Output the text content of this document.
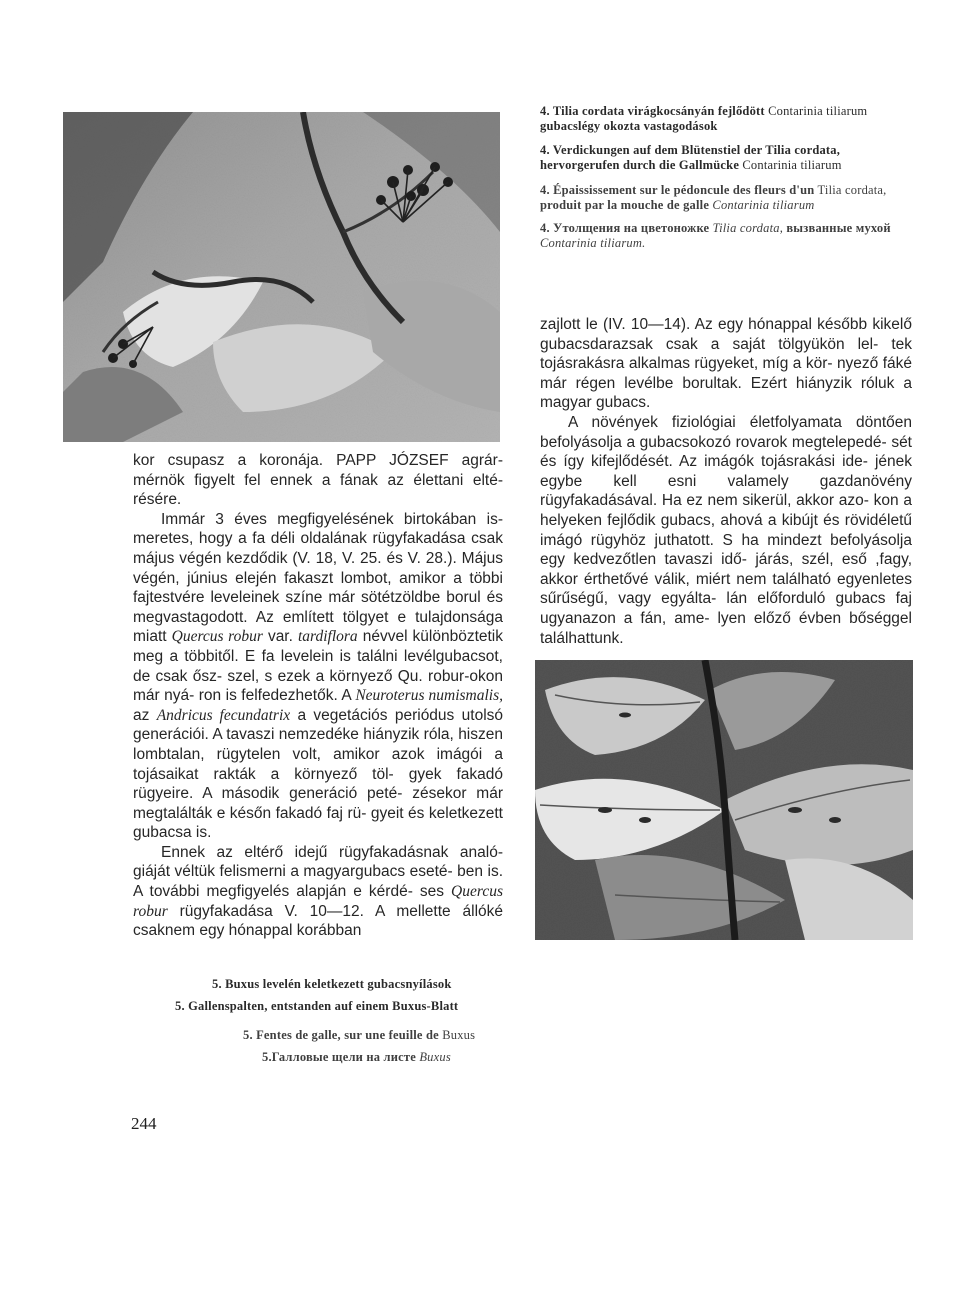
4. Tilia cordata virágkocsányán fejlődött Contarinia tiliarum gubacslégy okozta vastagodások
4. Verdickungen auf dem Blütenstiel der Tilia cordata, hervorgerufen durch die Gallmücke Contarinia tiliarum
4. Épaississement sur le pédoncule des fleurs d'un Tilia cordata, produit par la mouche de galle Contarinia tiliarum
4. Утолщения на цветоножке Tilia cordata, вызванные мухой Contarinia tiliarum.

zajlott le (IV. 10—14). Az egy hónappal később kikelő gubacsdarazsak csak a saját tölgyükön lel- tek tojásrakásra alkalmas rügyeket, míg a kör- nyező fáké már régen levélbe borultak. Ezért hiányzik róluk a magyar gubacs.

A növények fiziológiai életfolyamata döntően befolyásolja a gubacsokozó rovarok megtelepedé- sét és így kifejlődését. Az imágók tojásrakási ide- jének egybe kell esni valamely gazdanövény rügyfakadásával. Ha ez nem sikerül, akkor azo- kon a helyeken fejlődik gubacs, ahová a kibújt és rövidéletű imágó rügyhöz juthatott. S ha mindezt befolyásolja egy kedvezőtlen tavaszi idő- járás, szél, eső ,fagy, akkor érthetővé válik, miért nem található egyenletes sűrűségű, vagy egyálta- lán előforduló gubacs faj ugyanazon a fán, ame- lyen előző évben bőséggel találhattunk.

kor csupasz a koronája. PAPP JÓZSEF agrár- mérnök figyelt fel ennek a fának az élettani elté- résére.

Immár 3 éves megfigyelésének birtokában is- meretes, hogy a fa déli oldalának rügyfakadása csak május végén kezdődik (V. 18, V. 25. és V. 28.). Május végén, június elején fakaszt lombot, amikor a többi fajtestvére leveleinek színe már sötétzöldbe borul és megvastagodott. Az említett tölgyet e tulajdonsága miatt Quercus robur var. tardiflora névvel különböztetik meg a többitől. E fa levelein is találni levélgubacsot, de csak ősz- szel, s ezek a környező Qu. robur-okon már nyá- ron is felfedezhetők. A Neuroterus numismalis, az Andricus fecundatrix a vegetációs periódus utolsó generációi. A tavaszi nemzedéke hiányzik róla, hiszen lombtalan, rügytelen volt, amikor azok imágói a tojásaikat rakták a környező töl- gyek fakadó rügyeire. A második generáció peté- zésekor már megtalálták e későn fakadó faj rü- gyeit és keletkezett gubacsa is.

Ennek az eltérő idejű rügyfakadásnak analó- giáját véltük felismerni a magyargubacs eseté- ben is. A további megfigyelés alapján e kérdé- ses Quercus robur rügyfakadása V. 10—12. A mellette állóké csaknem egy hónappal korábban

5. Buxus levelén keletkezett gubacsnyílások
5. Gallenspalten, entstanden auf einem Buxus-Blatt
5. Fentes de galle, sur une feuille de Buxus
5.Галловые щели на листе Buxus
244
